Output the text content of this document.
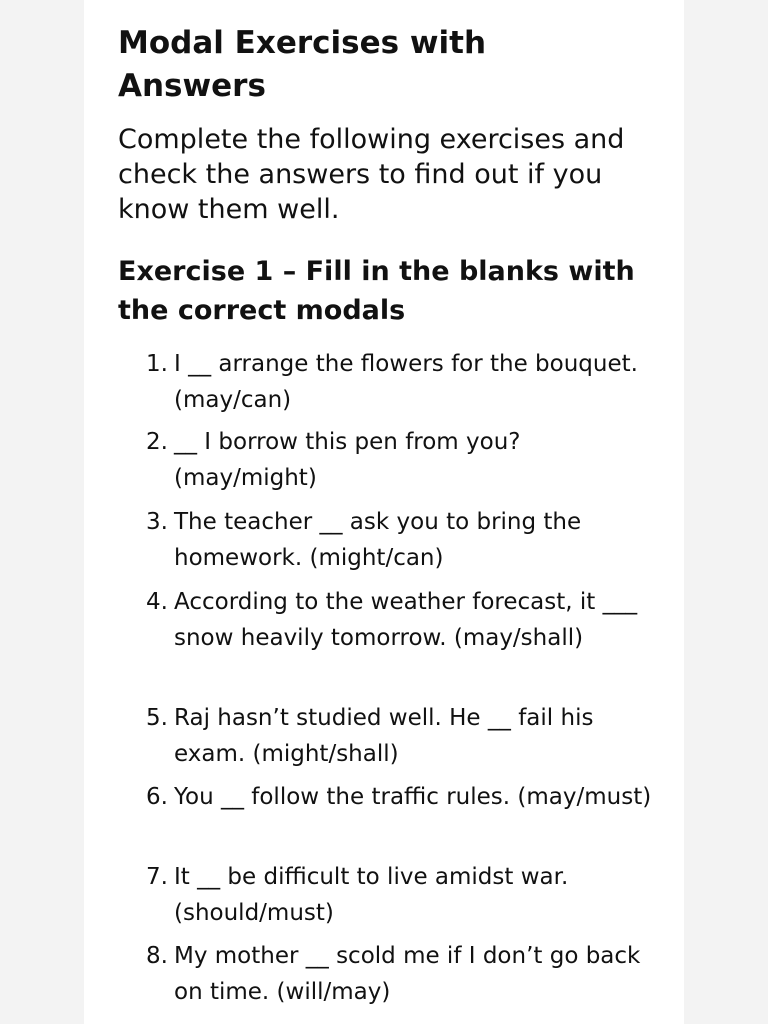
Modal Exercises with Answers

Complete the following exercises and check the answers to find out if you know them well.

Exercise 1 – Fill in the blanks with the correct modals
1. I __ arrange the flowers for the bouquet. (may/can)
2. __ I borrow this pen from you? (may/might)
3. The teacher __ ask you to bring the homework. (might/can)
4. According to the weather forecast, it ___ snow heavily tomorrow. (may/shall)
5. Raj hasn’t studied well. He __ fail his exam. (might/shall)
6. You __ follow the traffic rules. (may/must)
7. It __ be difficult to live amidst war. (should/must)
8. My mother __ scold me if I don’t go back on time. (will/may)
